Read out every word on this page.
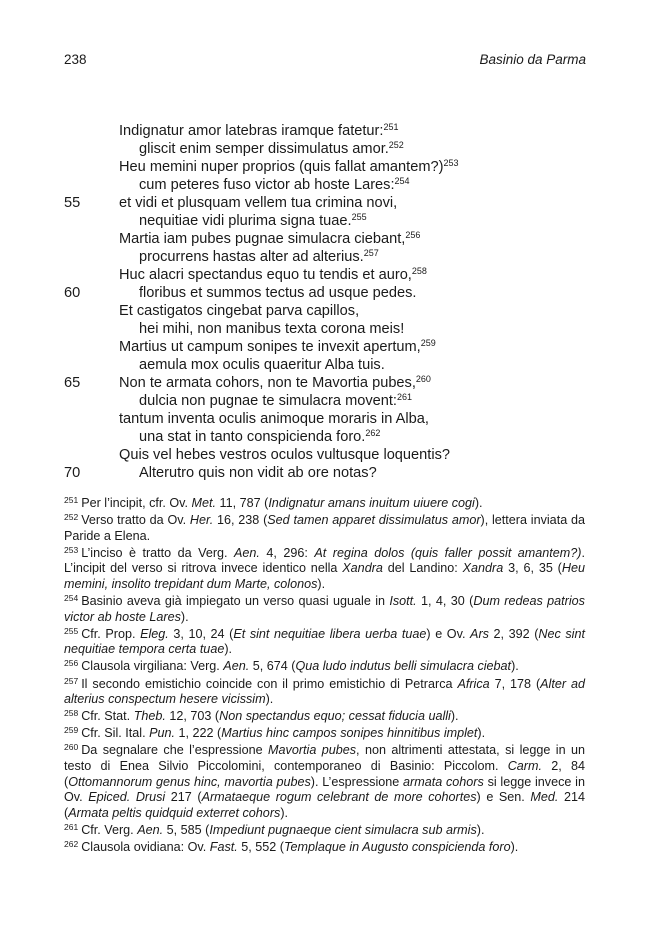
238	Basinio da Parma
Indignatur amor latebras iramque fatetur:$^{251}$
gliscit enim semper dissimulatus amor.$^{252}$
Heu memini nuper proprios (quis fallat amantem?)$^{253}$
cum peteres fuso victor ab hoste Lares:$^{254}$
55	et vidi et plusquam vellem tua crimina novi,
nequitiae vidi plurima signa tuae.$^{255}$
Martia iam pubes pugnae simulacra ciebant,$^{256}$
procurrens hastas alter ad alterius.$^{257}$
Huc alacri spectandus equo tu tendis et auro,$^{258}$
60	floribus et summos tectus ad usque pedes.
Et castigatos cingebat parva capillos,
hei mihi, non manibus texta corona meis!
Martius ut campum sonipes te invexit apertum,$^{259}$
aemula mox oculis quaeritur Alba tuis.
65	Non te armata cohors, non te Mavortia pubes,$^{260}$
dulcia non pugnae te simulacra movent:$^{261}$
tantum inventa oculis animoque moraris in Alba,
una stat in tanto conspicienda foro.$^{262}$
Quis vel hebes vestros oculos vultusque loquentis?
70	Alterutro quis non vidit ab ore notas?
$^{251}$ Per l’incipit, cfr. Ov. Met. 11, 787 (Indignatur amans inuitum uiuere cogi).
$^{252}$ Verso tratto da Ov. Her. 16, 238 (Sed tamen apparet dissimulatus amor), lettera inviata da Paride a Elena.
$^{253}$ L’inciso è tratto da Verg. Aen. 4, 296: At regina dolos (quis faller possit amantem?). L’incipit del verso si ritrova invece identico nella Xandra del Landino: Xandra 3, 6, 35 (Heu memini, insolito trepidant dum Marte, colonos).
$^{254}$ Basinio aveva già impiegato un verso quasi uguale in Isott. 1, 4, 30 (Dum redeas patrios victor ab hoste Lares).
$^{255}$ Cfr. Prop. Eleg. 3, 10, 24 (Et sint nequitiae libera uerba tuae) e Ov. Ars 2, 392 (Nec sint nequitiae tempora certa tuae).
$^{256}$ Clausola virgiliana: Verg. Aen. 5, 674 (Qua ludo indutus belli simulacra ciebat).
$^{257}$ Il secondo emistichio coincide con il primo emistichio di Petrarca Africa 7, 178 (Alter ad alterius conspectum hesere vicissim).
$^{258}$ Cfr. Stat. Theb. 12, 703 (Non spectandus equo; cessat fiducia ualli).
$^{259}$ Cfr. Sil. Ital. Pun. 1, 222 (Martius hinc campos sonipes hinnitibus implet).
$^{260}$ Da segnalare che l’espressione Mavortia pubes, non altrimenti attestata, si legge in un testo di Enea Silvio Piccolomini, contemporaneo di Basinio: Piccolom. Carm. 2, 84 (Ottomannorum genus hinc, mavortia pubes). L’espressione armata cohors si legge invece in Ov. Epiced. Drusi 217 (Armataeque rogum celebrant de more cohortes) e Sen. Med. 214 (Armata peltis quidquid exterret cohors).
$^{261}$ Cfr. Verg. Aen. 5, 585 (Impediunt pugnaeque cient simulacra sub armis).
$^{262}$ Clausola ovidiana: Ov. Fast. 5, 552 (Templaque in Augusto conspicienda foro).
